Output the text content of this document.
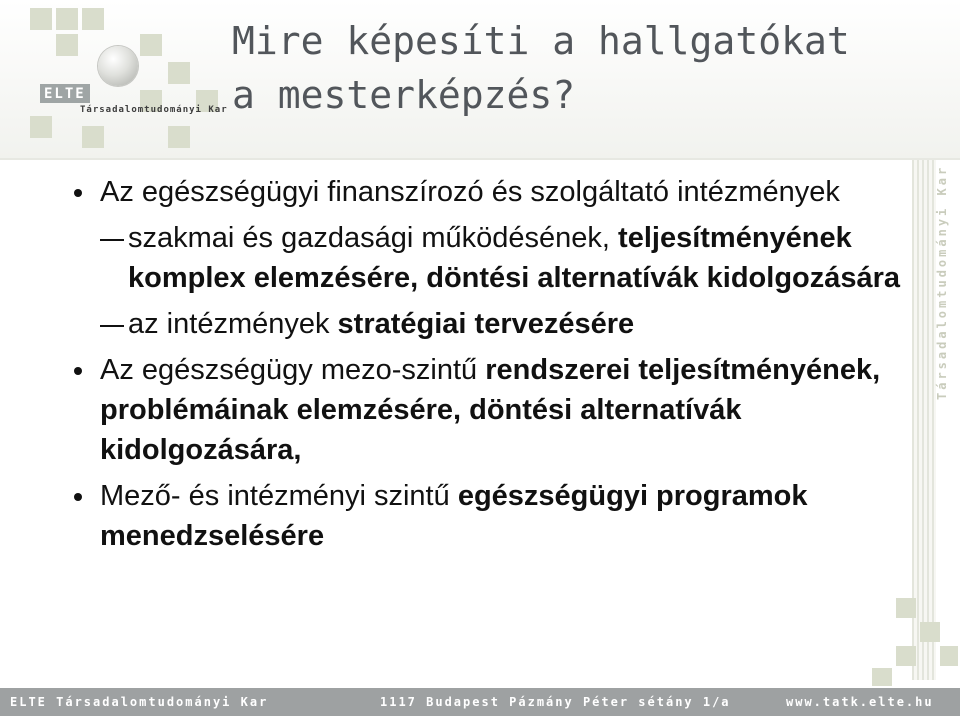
ELTE
Társadalomtudományi Kar
Mire képesíti a hallgatókat a mesterképzés?
Társadalomtudományi Kar
Az egészségügyi finanszírozó és szolgáltató intézmények
szakmai és gazdasági működésének, teljesítményének komplex elemzésére, döntési alternatívák kidolgozására
az intézmények stratégiai tervezésére
Az egészségügy mezo-szintű rendszerei teljesítményének, problémáinak elemzésére, döntési alternatívák kidolgozására,
Mező- és intézményi szintű egészségügyi programok menedzselésére
ELTE Társadalomtudományi Kar	1117 Budapest Pázmány Péter sétány 1/a	www.tatk.elte.hu
